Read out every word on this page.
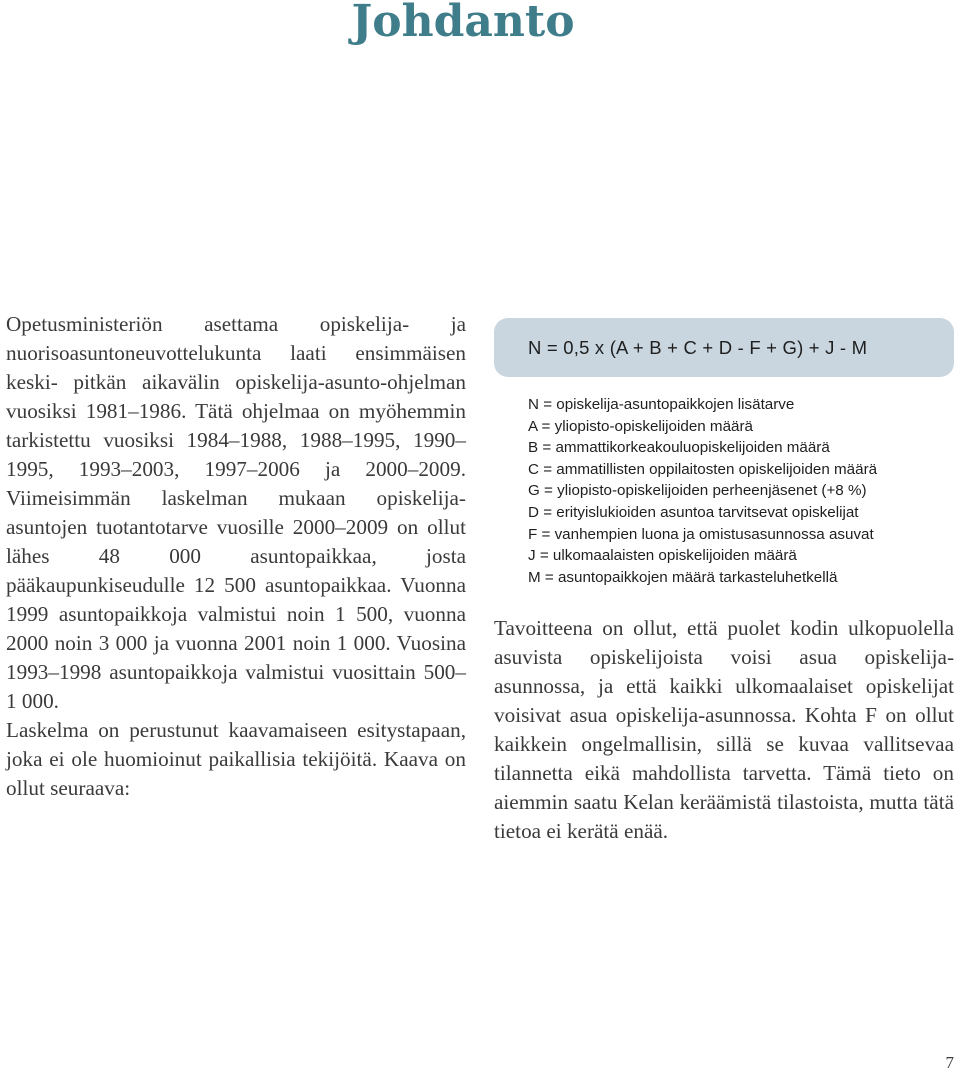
Johdanto

Opetusministeriön asettama opiskelija- ja nuorisoasuntoneuvottelukunta laati ensimmäisen keski- pitkän aikavälin opiskelija-asunto-ohjelman vuosiksi 1981–1986. Tätä ohjelmaa on myöhemmin tarkistettu vuosiksi 1984–1988, 1988–1995, 1990–1995, 1993–2003, 1997–2006 ja 2000–2009. Viimeisimmän laskelman mukaan opiskelija-asuntojen tuotantotarve vuosille 2000–2009 on ollut lähes 48 000 asuntopaikkaa, josta pääkaupunkiseudulle 12 500 asuntopaikkaa. Vuonna 1999 asuntopaikkoja valmistui noin 1 500, vuonna 2000 noin 3 000 ja vuonna 2001 noin 1 000. Vuosina 1993–1998 asuntopaikkoja valmistui vuosittain 500–1 000.

Laskelma on perustunut kaavamaiseen esitystapaan, joka ei ole huomioinut paikallisia tekijöitä. Kaava on ollut seuraava:

N = 0,5 x (A + B + C + D - F + G) + J - M
N = opiskelija-asuntopaikkojen lisätarve
A = yliopisto-opiskelijoiden määrä
B = ammattikorkeakouluopiskelijoiden määrä
C = ammatillisten oppilaitosten opiskelijoiden määrä
G = yliopisto-opiskelijoiden perheenjäsenet (+8 %)
D = erityislukioiden asuntoa tarvitsevat opiskelijat
F = vanhempien luona ja omistusasunnossa asuvat
J = ulkomaalaisten opiskelijoiden määrä
M = asuntopaikkojen määrä tarkasteluhetkellä

Tavoitteena on ollut, että puolet kodin ulkopuolella asuvista opiskelijoista voisi asua opiskelija-asunnossa, ja että kaikki ulkomaalaiset opiskelijat voisivat asua opiskelija-asunnossa. Kohta F on ollut kaikkein ongelmallisin, sillä se kuvaa vallitsevaa tilannetta eikä mahdollista tarvetta. Tämä tieto on aiemmin saatu Kelan keräämistä tilastoista, mutta tätä tietoa ei kerätä enää.

7
